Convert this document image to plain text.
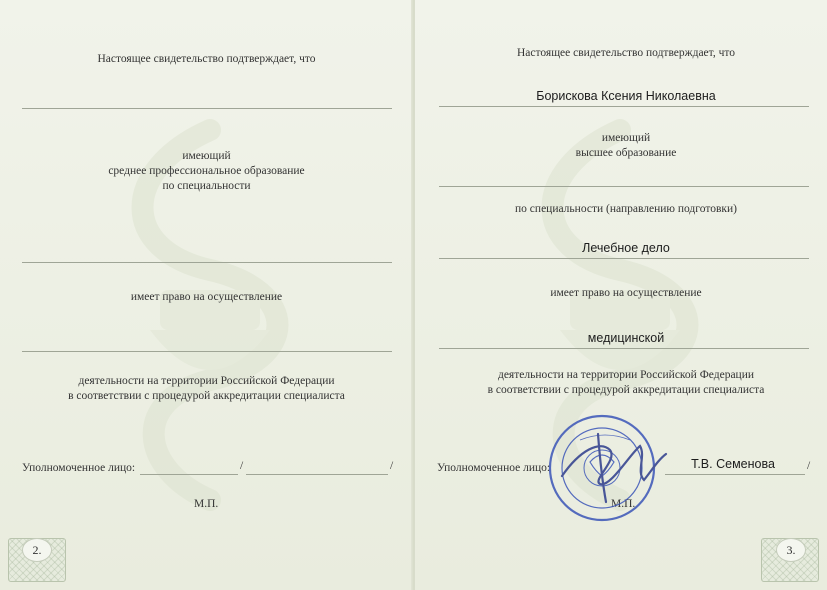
Настоящее свидетельство подтверждает, что
имеющий
среднее профессиональное образование
по специальности
имеет право на осуществление
деятельности на территории Российской Федерации
в соответствии с процедурой аккредитации специалиста
Уполномоченное лицо:	/	/
М.П.
2.
Настоящее свидетельство подтверждает, что
Борискова Ксения Николаевна
имеющий
высшее образование
по специальности (направлению подготовки)
Лечебное дело
имеет право на осуществление
медицинской
деятельности на территории Российской Федерации
в соответствии с процедурой аккредитации специалиста
Уполномоченное лицо:	Т.В. Семенова	/
М.П.
3.
